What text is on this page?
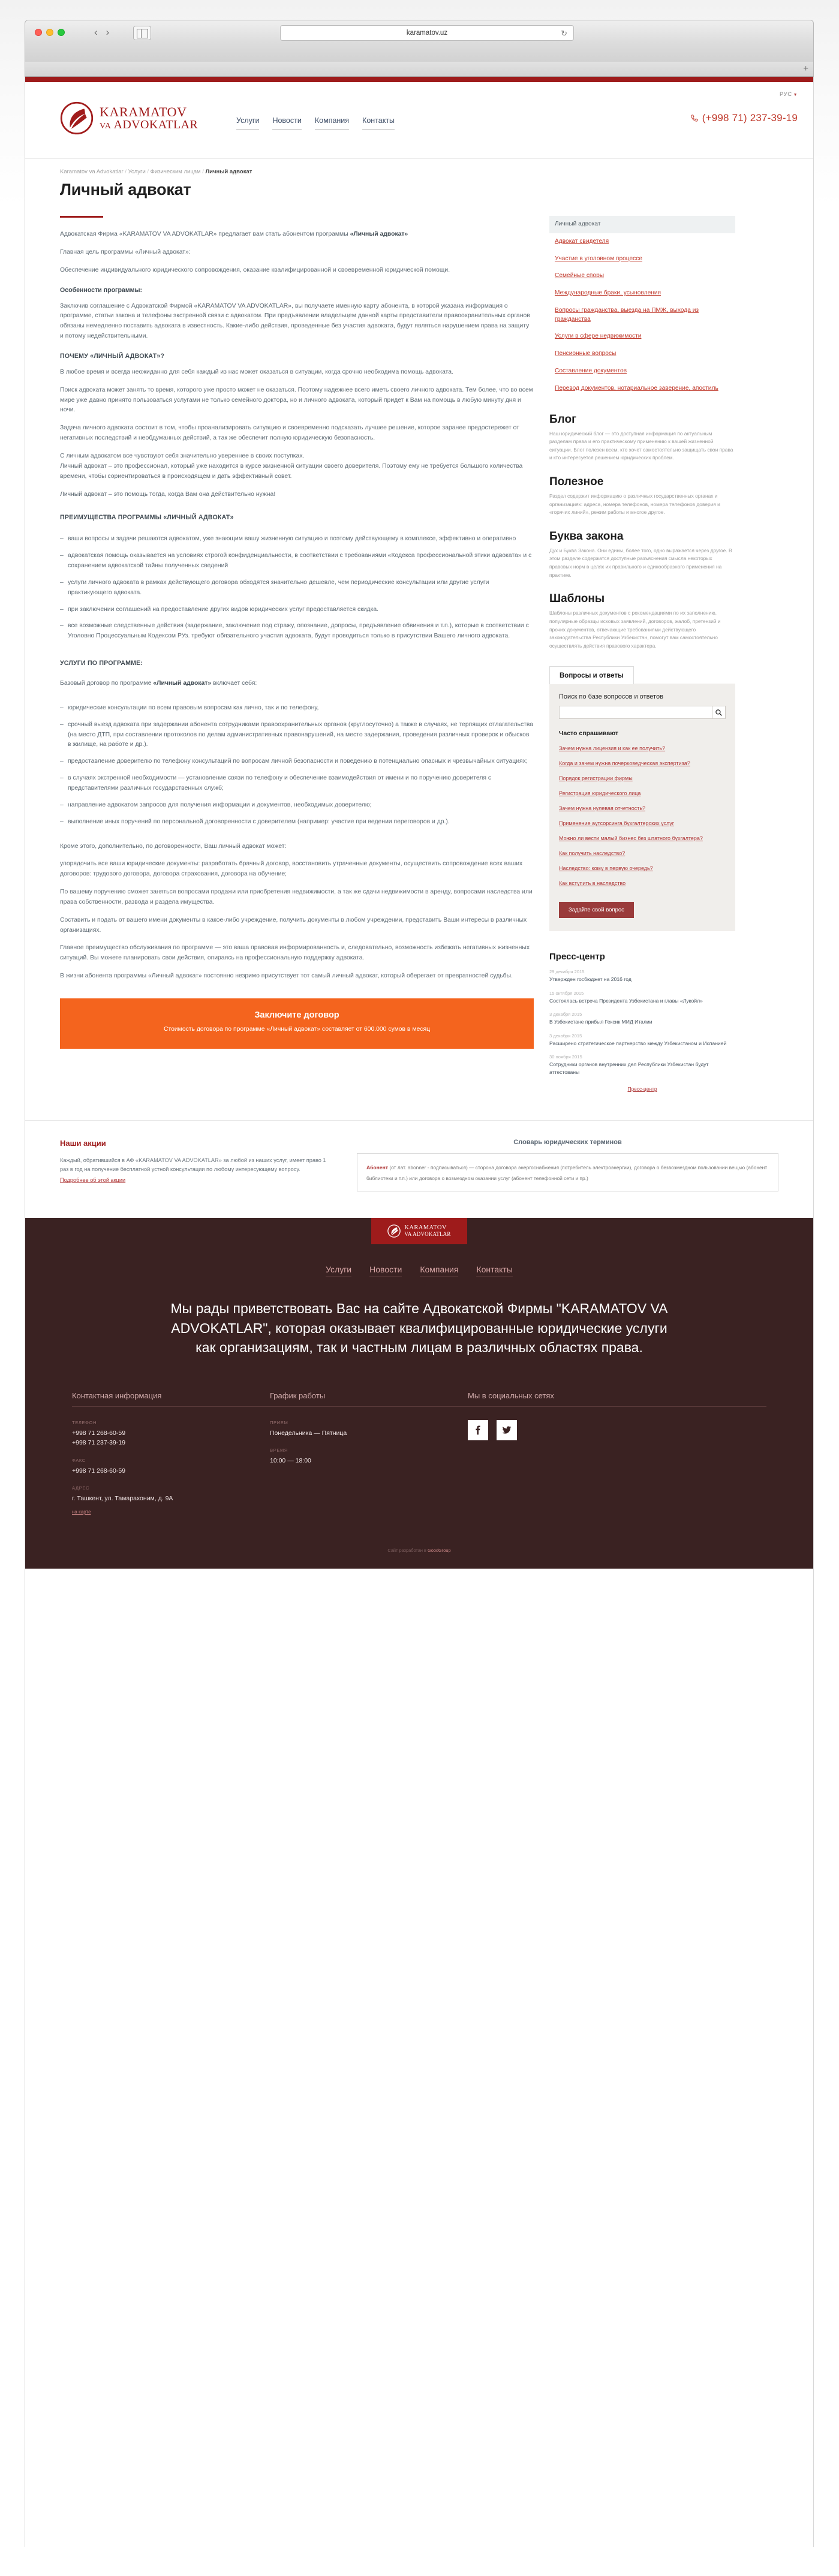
‹ ›	karamatov.uz	↻
+
РУС ▼
KARAMATOV
VA ADVOKATLAR	Услуги Новости Компания Контакты	(+998 71) 237-39-19
Karamatov va Advokatlar / Услуги / Физическим лицам / Личный адвокат
Личный адвокат

Адвокатская Фирма «KARAMATOV VA ADVOKATLAR» предлагает вам стать абонентом программы «Личный адвокат»

Главная цель программы «Личный адвокат»:

Обеспечение индивидуального юридического сопровождения, оказание квалифицированной и своевременной юридической помощи.

Особенности программы:

Заключив соглашение с Адвокатской Фирмой «KARAMATOV VA ADVOKATLAR», вы получаете именную карту абонента, в которой указана информация о программе, статьи закона и телефоны экстренной связи с адвокатом. При предъявлении владельцем данной карты представители правоохранительных органов обязаны немедленно поставить адвоката в известность. Какие-либо действия, проведенные без участия адвоката, будут являться нарушением права на защиту и потому недействительными.

ПОЧЕМУ «ЛИЧНЫЙ АДВОКАТ»?

В любое время и всегда неожиданно для себя каждый из нас может оказаться в ситуации, когда срочно необходима помощь адвоката.

Поиск адвоката может занять то время, которого уже просто может не оказаться. Поэтому надежнее всего иметь своего личного адвоката. Тем более, что во всем мире уже давно принято пользоваться услугами не только семейного доктора, но и личного адвоката, который придет к Вам на помощь в любую минуту дня и ночи.

Задача личного адвоката состоит в том, чтобы проанализировать ситуацию и своевременно подсказать лучшее решение, которое заранее предостережет от негативных последствий и необдуманных действий, а так же обеспечит полную юридическую безопасность.

С личным адвокатом все чувствуют себя значительно увереннее в своих поступках.

Личный адвокат – это профессионал, который уже находится в курсе жизненной ситуации своего доверителя. Поэтому ему не требуется большого количества времени, чтобы сориентироваться в происходящем и дать эффективный совет.

Личный адвокат – это помощь тогда, когда Вам она действительно нужна!

ПРЕИМУЩЕСТВА ПРОГРАММЫ «ЛИЧНЫЙ АДВОКАТ»
– ваши вопросы и задачи решаются адвокатом, уже знающим вашу жизненную ситуацию и поэтому действующему в комплексе, эффективно и оперативно
– адвокатская помощь оказывается на условиях строгой конфиденциальности, в соответствии с требованиями «Кодекса профессиональной этики адвоката» и с сохранением адвокатской тайны полученных сведений
– услуги личного адвоката в рамках действующего договора обходятся значительно дешевле, чем периодические консультации или другие услуги практикующего адвоката.
– при заключении соглашений на предоставление других видов юридических услуг предоставляется скидка.
– все возможные следственные действия (задержание, заключение под стражу, опознание, допросы, предъявление обвинения и т.п.), которые в соответствии с Уголовно Процессуальным Кодексом РУз. требуют обязательного участия адвоката, будут проводиться только в присутствии Вашего личного адвоката.
УСЛУГИ ПО ПРОГРАММЕ:

Базовый договор по программе «Личный адвокат» включает себя:

– юридические консультации по всем правовым вопросам как лично, так и по телефону,
– срочный выезд адвоката при задержании абонента сотрудниками правоохранительных органов (круглосуточно) а также в случаях, не терпящих отлагательства (на место ДТП, при составлении протоколов по делам административных правонарушений, на место задержания, проведения различных проверок и обысков в жилище, на работе и др.).
– предоставление доверителю по телефону консультаций по вопросам личной безопасности и поведению в потенциально опасных и чрезвычайных ситуациях;
– в случаях экстренной необходимости — установление связи по телефону и обеспечение взаимодействия от имени и по поручению доверителя с представителями различных государственных служб;
– направление адвокатом запросов для получения информации и документов, необходимых доверителю;
– выполнение иных поручений по персональной договоренности с доверителем (например: участие при ведении переговоров и др.).

Кроме этого, дополнительно, по договоренности, Ваш личный адвокат может:

упорядочить все ваши юридические документы: разработать брачный договор, восстановить утраченные документы, осуществить сопровождение всех ваших договоров: трудового договора, договора страхования, договора на обучение;

По вашему поручению сможет заняться вопросами продажи или приобретения недвижимости, а так же сдачи недвижимости в аренду, вопросами наследства или права собственности, развода и раздела имущества.

Составить и подать от вашего имени документы в какое-либо учреждение, получить документы в любом учреждении, представить Ваши интересы в различных организациях.

Главное преимущество обслуживания по программе — это ваша правовая информированность и, следовательно, возможность избежать негативных жизненных ситуаций. Вы можете планировать свои действия, опираясь на профессиональную поддержку адвоката.

В жизни абонента программы «Личный адвокат» постоянно незримо присутствует тот самый личный адвокат, который оберегает от превратностей судьбы.

Заключите договор
Стоимость договора по программе «Личный адвокат» составляет от 600.000 сумов в месяц
Личный адвокат
Адвокат свидетеля
Участие в уголовном процессе
Семейные споры
Международные браки, усыновления
Вопросы гражданства, выезда на ПМЖ, выхода из гражданства
Услуги в сфере недвижимости
Пенсионные вопросы
Составление документов
Перевод документов, нотариальное заверение, апостиль
Блог

Наш юридический блог — это доступная информация по актуальным разделам права и его практическому применению к вашей жизненной ситуации. Блог полезен всем, кто хочет самостоятельно защищать свои права и кто интересуется решением юридических проблем.

Полезное

Раздел содержит информацию о различных государственных органах и организациях: адреса, номера телефонов, номера телефонов доверия и «горячих линий», режим работы и многое другое.

Буква закона

Дух и Буква Закона. Они едины, более того, одно выражается через другое. В этом разделе содержатся доступные разъяснения смысла некоторых правовых норм в целях их правильного и единообразного применения на практике.

Шаблоны

Шаблоны различных документов с рекомендациями по их заполнению, популярные образцы исковых заявлений, договоров, жалоб, претензий и прочих документов, отвечающие требованиями действующего законодательства Республики Узбекистан, помогут вам самостоятельно осуществлять действия правового характера.

Вопросы и ответы
Поиск по базе вопросов и ответов
Часто спрашивают
Зачем нужна лицензия и как ее получить?
Когда и зачем нужна почерковедческая экспертиза?
Порядок регистрации фирмы
Регистрация юридического лица
Зачем нужна нулевая отчетность?
Применение аутсорсинга бухгалтерских услуг
Можно ли вести малый бизнес без штатного бухгалтера?
Как получить наследство?
Наследство: кому в первую очередь?
Как вступить в наследство
Задайте свой вопрос
Пресс-центр
29 декабря 2015
Утвержден госбюджет на 2016 год
15 октября 2015
Состоялась встреча Президента Узбекистана и главы «Лукойл»
3 декабря 2015
В Узбекистане прибыл Гексик МИД Италии
3 декабря 2015
Расширено стратегическое партнерство между Узбекистаном и Испанией
30 ноября 2015
Сотрудники органов внутренних дел Республики Узбекистан будут аттестованы
Пресс-центр
Наши акции

Каждый, обратившийся в АФ «KARAMATOV VA ADVOKATLAR» за любой из наших услуг, имеет право 1 раз в год на получение бесплатной устной консультации по любому интересующему вопросу.

Подробнее об этой акции
Словарь юридических терминов
Абонент (от лат. abonner - подписываться) — сторона договора энергоснабжения (потребитель электроэнергии), договора о безвозмездном пользовании вещью (абонент библиотеки и т.п.) или договора о возмездном оказании услуг (абонент телефонной сети и пр.)
KARAMATOV
VA ADVOKATLAR
Услуги Новости Компания Контакты
Мы рады приветствовать Вас на сайте Адвокатской Фирмы "KARAMATOV VA ADVOKATLAR", которая оказывает квалифицированные юридические услуги как организациям, так и частным лицам в различных областях права.
Контактная информация
ТЕЛЕФОН
+998 71 268-60-59
+998 71 237-39-19
ФАКС
+998 71 268-60-59
АДРЕС
г. Ташкент, ул. Тамарахоним, д. 9А
на карте
График работы
ПРИЕМ
Понедельника — Пятница
ВРЕМЯ
10:00 — 18:00
Мы в социальных сетях
Сайт разработан в GoodGroup
